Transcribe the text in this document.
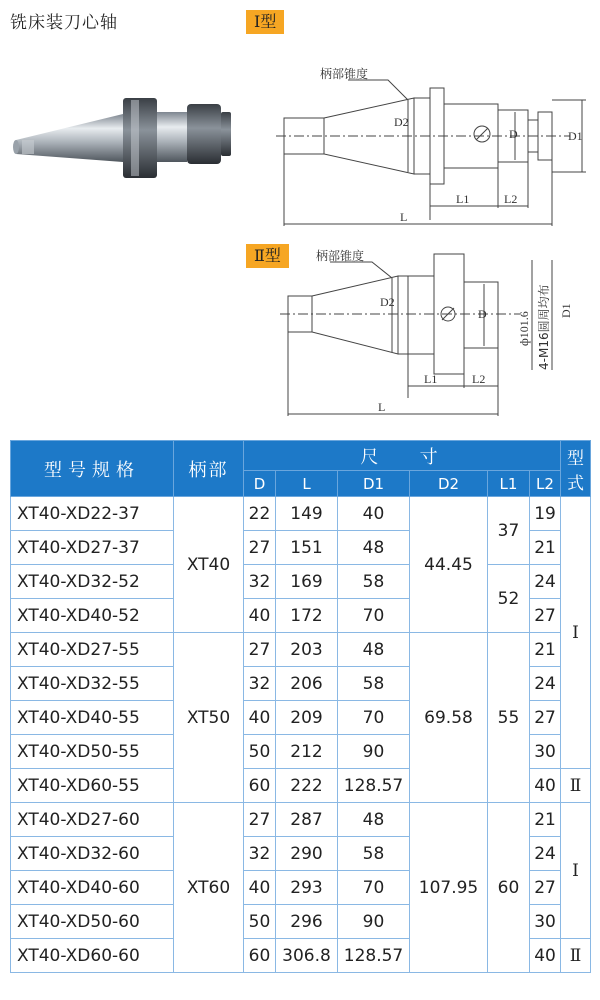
铣床装刀心轴	Ⅰ型
柄部锥度
D2
D	D1
L1	L2
L
Ⅱ型	柄部锥度
D2
D
L1	L2
L
ф101.6 4-M16圆周均布 D1
型号规格	柄部	尺   寸						型式
		D	L	D1	D2	L1	L2	
XT40-XD22-37	XT40	22	149	40	44.45	37	19	Ⅰ
XT40-XD27-37		27	151	48			21	
XT40-XD32-52		32	169	58		52	24	
XT40-XD40-52		40	172	70			27	
XT40-XD27-55	XT50	27	203	48	69.58	55	21	
XT40-XD32-55		32	206	58			24	
XT40-XD40-55		40	209	70			27	
XT40-XD50-55		50	212	90			30	
XT40-XD60-55		60	222	128.57			40	Ⅱ
XT40-XD27-60	XT60	27	287	48	107.95	60	21	Ⅰ
XT40-XD32-60		32	290	58			24	
XT40-XD40-60		40	293	70			27	
XT40-XD50-60		50	296	90			30	
XT40-XD60-60		60	306.8	128.57			40	Ⅱ
